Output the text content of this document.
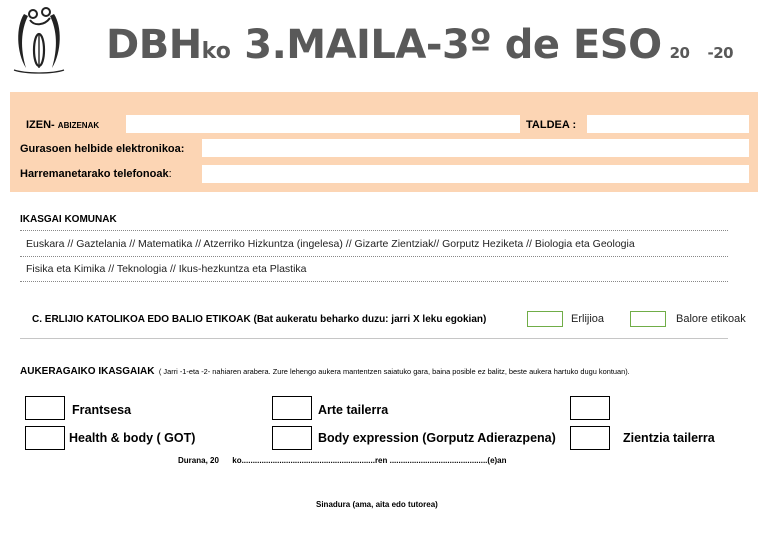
DBHko 3.MAILA-3º de ESO 20 -20
IZEN- ABIZENAK	TALDEA :
Gurasoen helbide elektronikoa:
Harremanetarako telefonoak:
IKASGAI KOMUNAK
Euskara // Gaztelania // Matematika // Atzerriko Hizkuntza (ingelesa) // Gizarte Zientziak// Gorputz Heziketa // Biologia eta Geologia
Fisika eta Kimika // Teknologia // Ikus-hezkuntza eta Plastika
C. ERLIJIO KATOLIKOA EDO BALIO ETIKOAK (Bat aukeratu beharko duzu: jarri X leku egokian)	Erlijioa	Balore etikoak
AUKERAGAIKO IKASGAIAK ( Jarri -1-eta -2- nahiaren arabera. Zure lehengo aukera mantentzen saiatuko gara, baina posible ez balitz, beste aukera hartuko dugu kontuan).
Frantsesa	Arte tailerra
Health & body ( GOT)	Body expression (Gorputz Adierazpena)	Zientzia tailerra
Durana, 20      ko............................................................ren ............................................(e)an
Sinadura (ama, aita edo tutorea)
